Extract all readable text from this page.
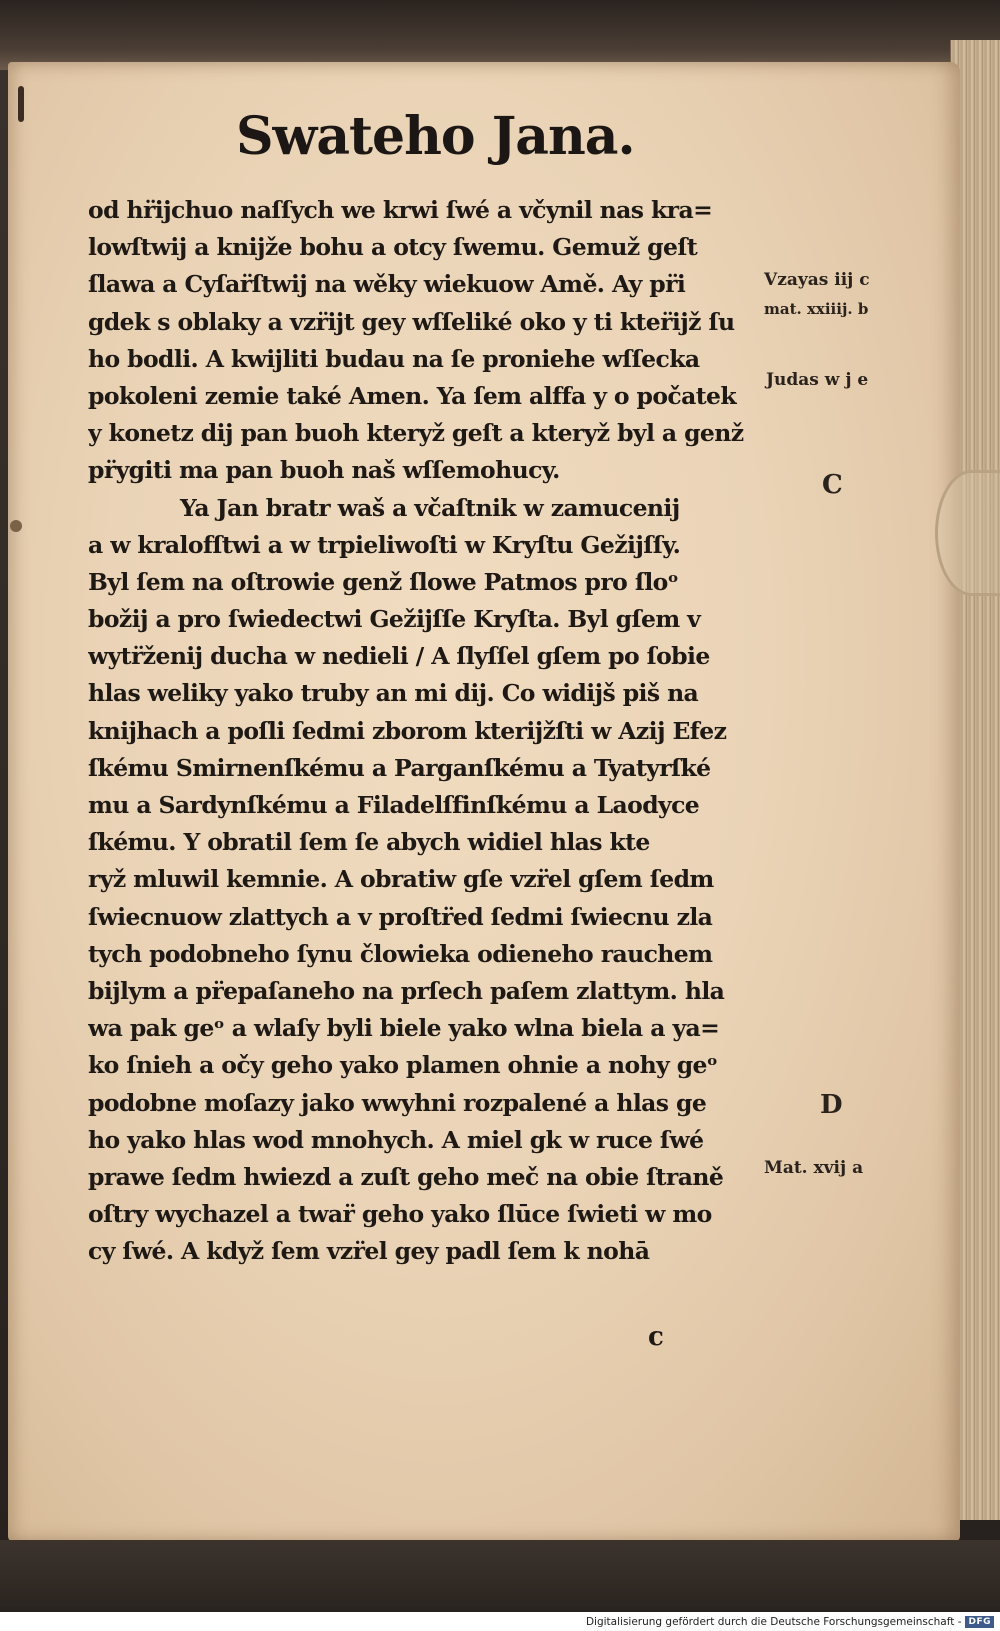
Swateho Jana.
od hr̈ijchuo naſſych we krwi ſwé a včynil nas kra=
lowſtwij a knijže bohu a otcy ſwemu. Gemuž geſt
ſlawa a Cyſar̈ſtwij na wěky wiekuow Amě. Ay pr̈i
gdek s oblaky a vzr̈ijt gey wſſeliké oko y ti kter̈ijž ſu
ho bodli. A kwijliti budau na ſe proniehe wſſecka
pokoleni zemie také Amen. Ya ſem alffa y o počatek
y konetz dij pan buoh kteryž geſt a kteryž byl a genž
pr̈ygiti ma pan buoh naš wſſemohucy.
Ya Jan bratr waš a včaſtnik w zamucenij
a w kralofſtwi a w trpieliwoſti w Kryſtu Gežijſſy.
Byl ſem na oſtrowie genž ſlowe Patmos pro ſloᵒ
božij a pro ſwiedectwi Gežijſſe Kryſta. Byl gſem v
wytr̈ženij ducha w nedieli / A ſlyſſel gſem po ſobie
hlas weliky yako truby an mi dij. Co widijš piš na
knijhach a poſli ſedmi zborom kterijžſti w Azij Efez
ſkému Smirnenſkému a Parganſkému a Tyatyrſké
mu a Sardynſkému a Filadelſfinſkému a Laodyce
ſkému. Y obratil ſem ſe abych widiel hlas kte
ryž mluwil kemnie. A obratiw gſe vzr̈el gſem ſedm
ſwiecnuow zlattych a v proſtr̈ed ſedmi ſwiecnu zla
tych podobneho ſynu člowieka odieneho rauchem
bijlym a pr̈epaſaneho na prſech paſem zlattym. hla
wa pak geᵒ a wlaſy byli biele yako wlna biela a ya=
ko ſnieh a očy geho yako plamen ohnie a nohy geᵒ
podobne moſazy jako wwyhni rozpalené a hlas ge
ho yako hlas wod mnohych. A miel gk w ruce ſwé
prawe ſedm hwiezd a zuſt geho meč na obie ſtraně
oſtry wychazel a twar̈ geho yako ſlūce ſwieti w mo
cy ſwé. A když ſem vzr̈el gey padl ſem k nohā
Vzayas iij c
mat. xxiiij. b
Judas w j e
C
D
Mat. xvij a
c
Digitalisierung gefördert durch die Deutsche Forschungsgemeinschaft - DFG
